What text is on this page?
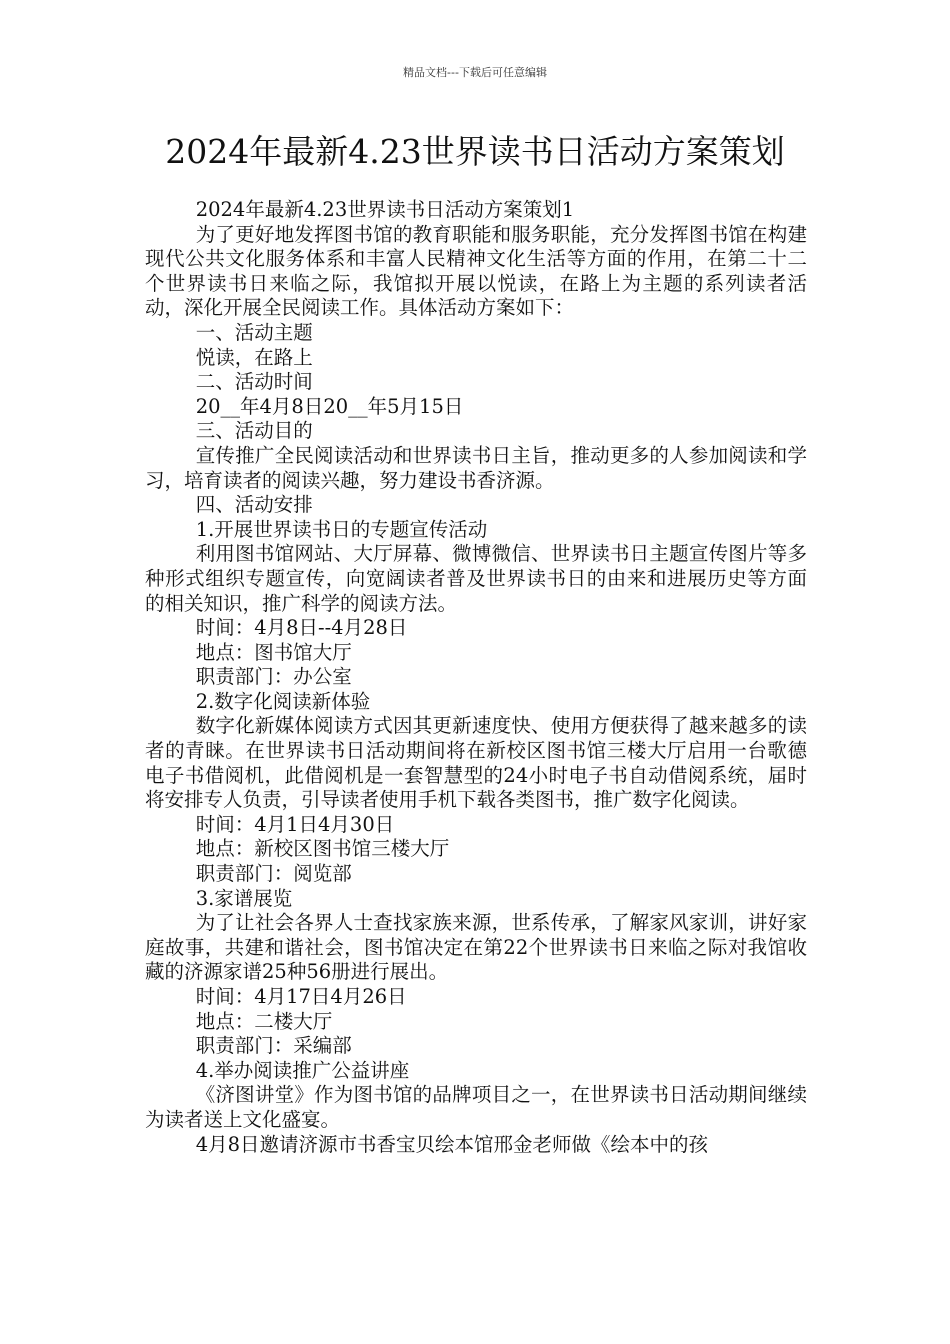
精品文档---下载后可任意编辑
2024年最新4.23世界读书日活动方案策划

2024年最新4.23世界读书日活动方案策划1

为了更好地发挥图书馆的教育职能和服务职能，充分发挥图书馆在构建现代公共文化服务体系和丰富人民精神文化生活等方面的作用，在第二十二个世界读书日来临之际，我馆拟开展以悦读，在路上为主题的系列读者活动，深化开展全民阅读工作。具体活动方案如下：

一、活动主题

悦读，在路上

二、活动时间

20__年4月8日20__年5月15日

三、活动目的

宣传推广全民阅读活动和世界读书日主旨，推动更多的人参加阅读和学习，培育读者的阅读兴趣，努力建设书香济源。

四、活动安排

1.开展世界读书日的专题宣传活动

利用图书馆网站、大厅屏幕、微博微信、世界读书日主题宣传图片等多种形式组织专题宣传，向宽阔读者普及世界读书日的由来和进展历史等方面的相关知识，推广科学的阅读方法。

时间：4月8日--4月28日

地点：图书馆大厅

职责部门：办公室

2.数字化阅读新体验

数字化新媒体阅读方式因其更新速度快、使用方便获得了越来越多的读者的青睐。在世界读书日活动期间将在新校区图书馆三楼大厅启用一台歌德电子书借阅机，此借阅机是一套智慧型的24小时电子书自动借阅系统，届时将安排专人负责，引导读者使用手机下载各类图书，推广数字化阅读。

时间：4月1日4月30日

地点：新校区图书馆三楼大厅

职责部门：阅览部

3.家谱展览

为了让社会各界人士查找家族来源，世系传承，了解家风家训，讲好家庭故事，共建和谐社会，图书馆决定在第22个世界读书日来临之际对我馆收藏的济源家谱25种56册进行展出。

时间：4月17日4月26日

地点：二楼大厅

职责部门：采编部

4.举办阅读推广公益讲座

《济图讲堂》作为图书馆的品牌项目之一，在世界读书日活动期间继续为读者送上文化盛宴。

4月8日邀请济源市书香宝贝绘本馆邢金老师做《绘本中的孩
